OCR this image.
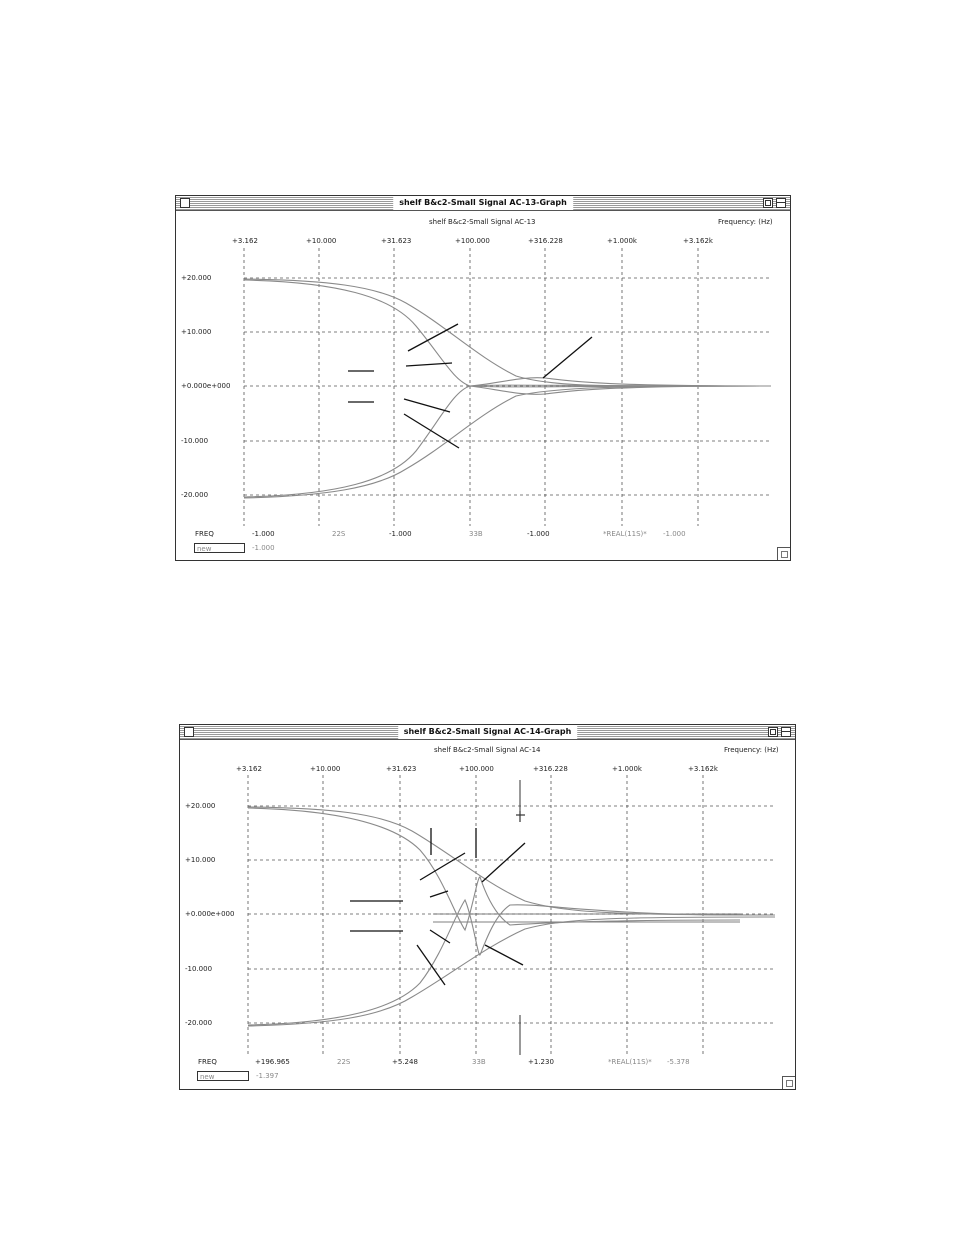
shelf B&c2-Small Signal AC-13-Graph
shelf B&c2-Small Signal AC-13	Frequency: (Hz)
+3.162	+10.000	+31.623	+100.000	+316.228	+1.000k	+3.162k
+20.000
+10.000
+0.000e+000
-10.000
-20.000
FREQ	-1.000	22S	-1.000	33B	-1.000	*REAL(11S)* -1.000
new	-1.000
shelf B&c2-Small Signal AC-14-Graph
shelf B&c2-Small Signal AC-14	Frequency: (Hz)
+3.162	+10.000	+31.623	+100.000	+316.228	+1.000k	+3.162k
+20.000
+10.000
+0.000e+000
-10.000
-20.000
FREQ	+196.965	22S	+5.248	33B	+1.230	*REAL(11S)* -5.378
new	-1.397
